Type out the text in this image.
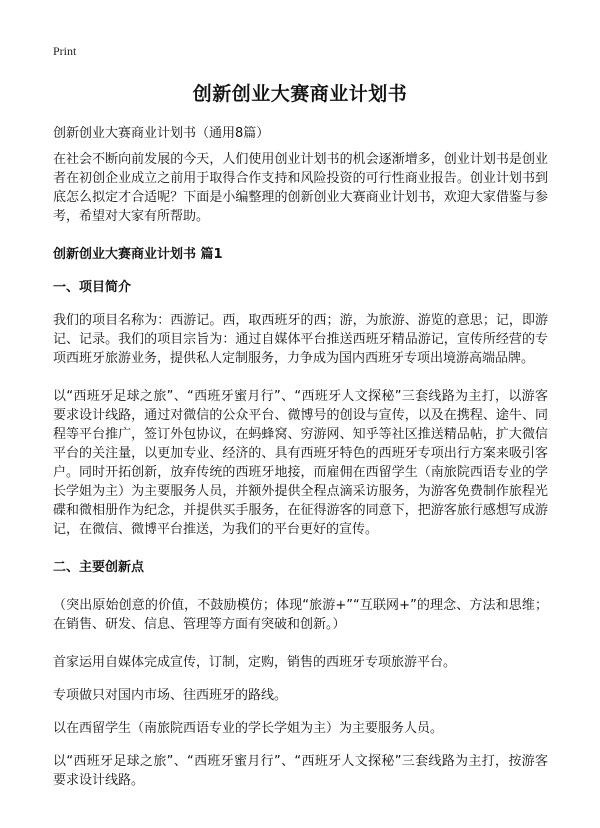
Print
创新创业大赛商业计划书
创新创业大赛商业计划书（通用8篇）

在社会不断向前发展的今天，人们使用创业计划书的机会逐渐增多，创业计划书是创业者在初创企业成立之前用于取得合作支持和风险投资的可行性商业报告。创业计划书到底怎么拟定才合适呢？下面是小编整理的创新创业大赛商业计划书，欢迎大家借鉴与参考，希望对大家有所帮助。

创新创业大赛商业计划书 篇1
一、项目简介

我们的项目名称为：西游记。西，取西班牙的西；游，为旅游、游览的意思；记，即游记、记录。我们的项目宗旨为：通过自媒体平台推送西班牙精品游记，宣传所经营的专项西班牙旅游业务，提供私人定制服务，力争成为国内西班牙专项出境游高端品牌。

以“西班牙足球之旅”、“西班牙蜜月行”、“西班牙人文探秘”三套线路为主打，以游客要求设计线路，通过对微信的公众平台、微博号的创设与宣传，以及在携程、途牛、同程等平台推广，签订外包协议，在蚂蜂窝、穷游网、知乎等社区推送精品帖，扩大微信平台的关注量，以更加专业、经济的、具有西班牙特色的西班牙专项出行方案来吸引客户。同时开拓创新，放弃传统的西班牙地接，而雇佣在西留学生（南旅院西语专业的学长学姐为主）为主要服务人员，并额外提供全程点滴采访服务，为游客免费制作旅程光碟和微相册作为纪念，并提供买手服务，在征得游客的同意下，把游客旅行感想写成游记，在微信、微博平台推送，为我们的平台更好的宣传。

二、主要创新点

（突出原始创意的价值，不鼓励模仿；体现“旅游+”“互联网+”的理念、方法和思维；在销售、研发、信息、管理等方面有突破和创新。）

首家运用自媒体完成宣传，订制，定购，销售的西班牙专项旅游平台。

专项做只对国内市场、往西班牙的路线。

以在西留学生（南旅院西语专业的学长学姐为主）为主要服务人员。

以“西班牙足球之旅”、“西班牙蜜月行”、“西班牙人文探秘”三套线路为主打，按游客要求设计线路。
